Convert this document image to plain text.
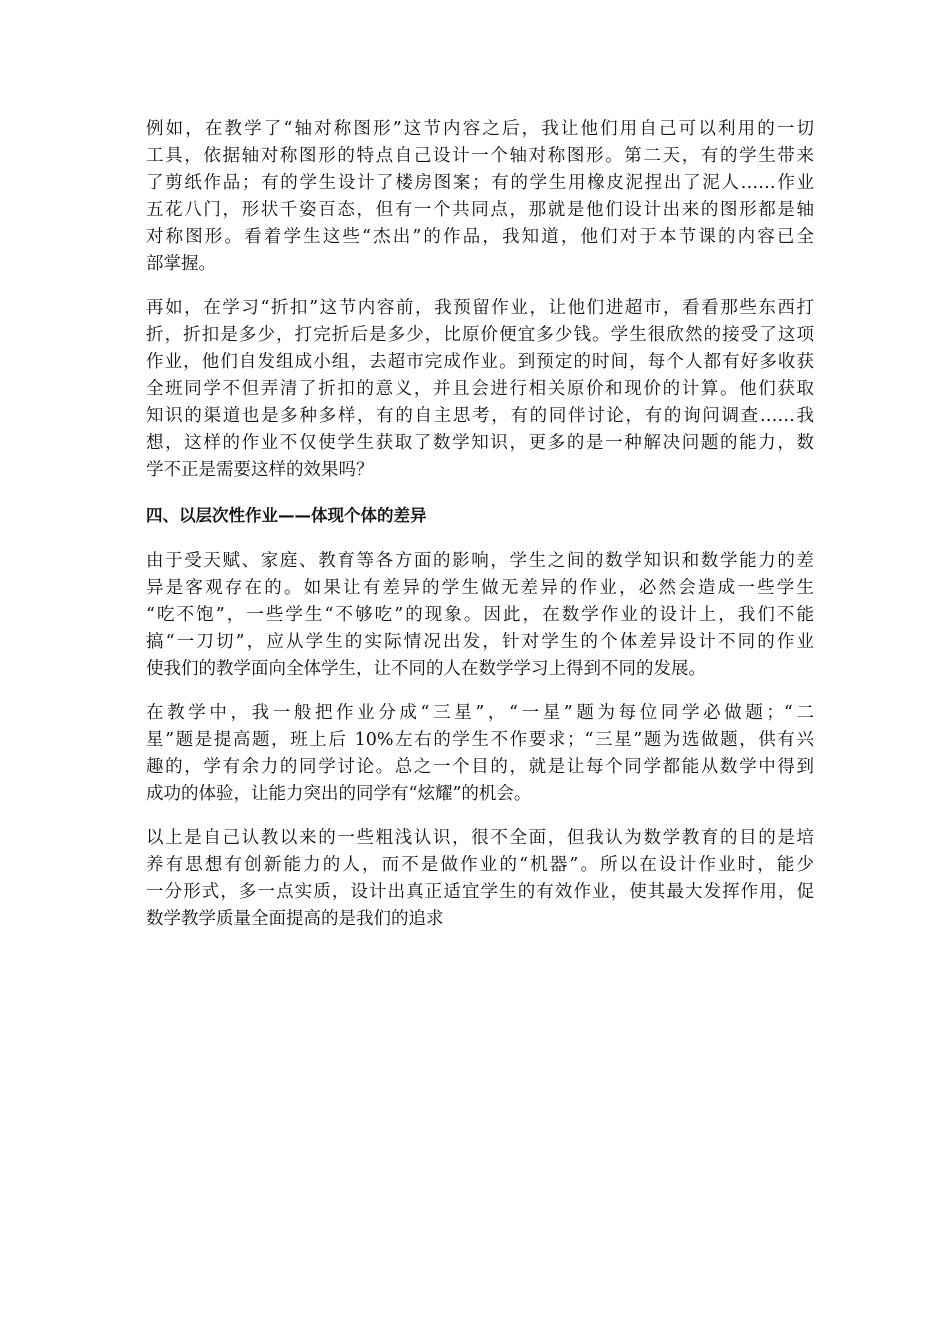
例如，在教学了“轴对称图形”这节内容之后，我让他们用自己可以利用的一切
工具，依据轴对称图形的特点自己设计一个轴对称图形。第二天，有的学生带来
了剪纸作品；有的学生设计了楼房图案；有的学生用橡皮泥捏出了泥人……作业
五花八门，形状千姿百态，但有一个共同点，那就是他们设计出来的图形都是轴
对称图形。看着学生这些“杰出”的作品，我知道，他们对于本节课的内容已全
部掌握。
再如，在学习“折扣”这节内容前，我预留作业，让他们进超市，看看那些东西打
折，折扣是多少，打完折后是多少，比原价便宜多少钱。学生很欣然的接受了这项
作业，他们自发组成小组，去超市完成作业。到预定的时间，每个人都有好多收获
全班同学不但弄清了折扣的意义，并且会进行相关原价和现价的计算。他们获取
知识的渠道也是多种多样，有的自主思考，有的同伴讨论，有的询问调查……我
想，这样的作业不仅使学生获取了数学知识，更多的是一种解决问题的能力，数
学不正是需要这样的效果吗？
四、以层次性作业——体现个体的差异
由于受天赋、家庭、教育等各方面的影响，学生之间的数学知识和数学能力的差
异是客观存在的。如果让有差异的学生做无差异的作业，必然会造成一些学生
“吃不饱”，一些学生“不够吃”的现象。因此，在数学作业的设计上，我们不能
搞“一刀切”，应从学生的实际情况出发，针对学生的个体差异设计不同的作业
使我们的教学面向全体学生，让不同的人在数学学习上得到不同的发展。
在教学中，我一般把作业分成“三星”，“一星”题为每位同学必做题；“二
星”题是提高题，班上后 10%左右的学生不作要求；“三星”题为选做题，供有兴
趣的，学有余力的同学讨论。总之一个目的，就是让每个同学都能从数学中得到
成功的体验，让能力突出的同学有“炫耀”的机会。
以上是自己认教以来的一些粗浅认识，很不全面，但我认为数学教育的目的是培
养有思想有创新能力的人，而不是做作业的“机器”。所以在设计作业时，能少
一分形式，多一点实质，设计出真正适宜学生的有效作业，使其最大发挥作用，促
数学教学质量全面提高的是我们的追求
